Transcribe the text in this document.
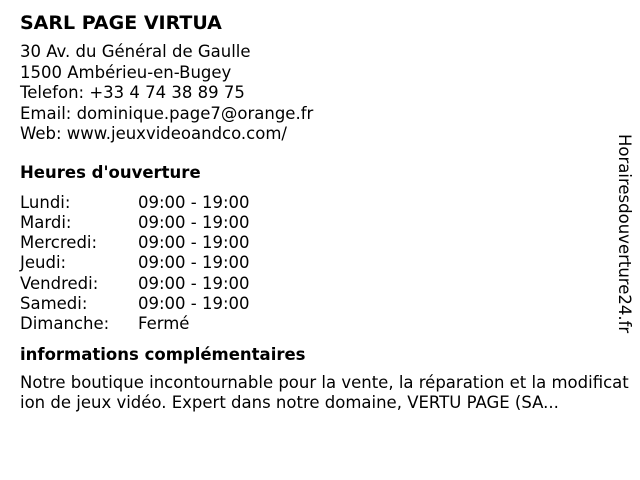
SARL PAGE VIRTUA
30 Av. du Général de Gaulle
1500 Ambérieu-en-Bugey
Telefon: +33 4 74 38 89 75
Email: dominique.page7@orange.fr
Web: www.jeuxvideoandco.com/
Heures d'ouverture
Lundi:	09:00 - 19:00
Mardi:	09:00 - 19:00
Mercredi:	09:00 - 19:00
Jeudi:	09:00 - 19:00
Vendredi:	09:00 - 19:00
Samedi:	09:00 - 19:00
Dimanche:	Fermé
informations complémentaires
Notre boutique incontournable pour la vente, la réparation et la modification de jeux vidéo. Expert dans notre domaine, VERTU PAGE (SA...
Horairesdouverture24.fr
